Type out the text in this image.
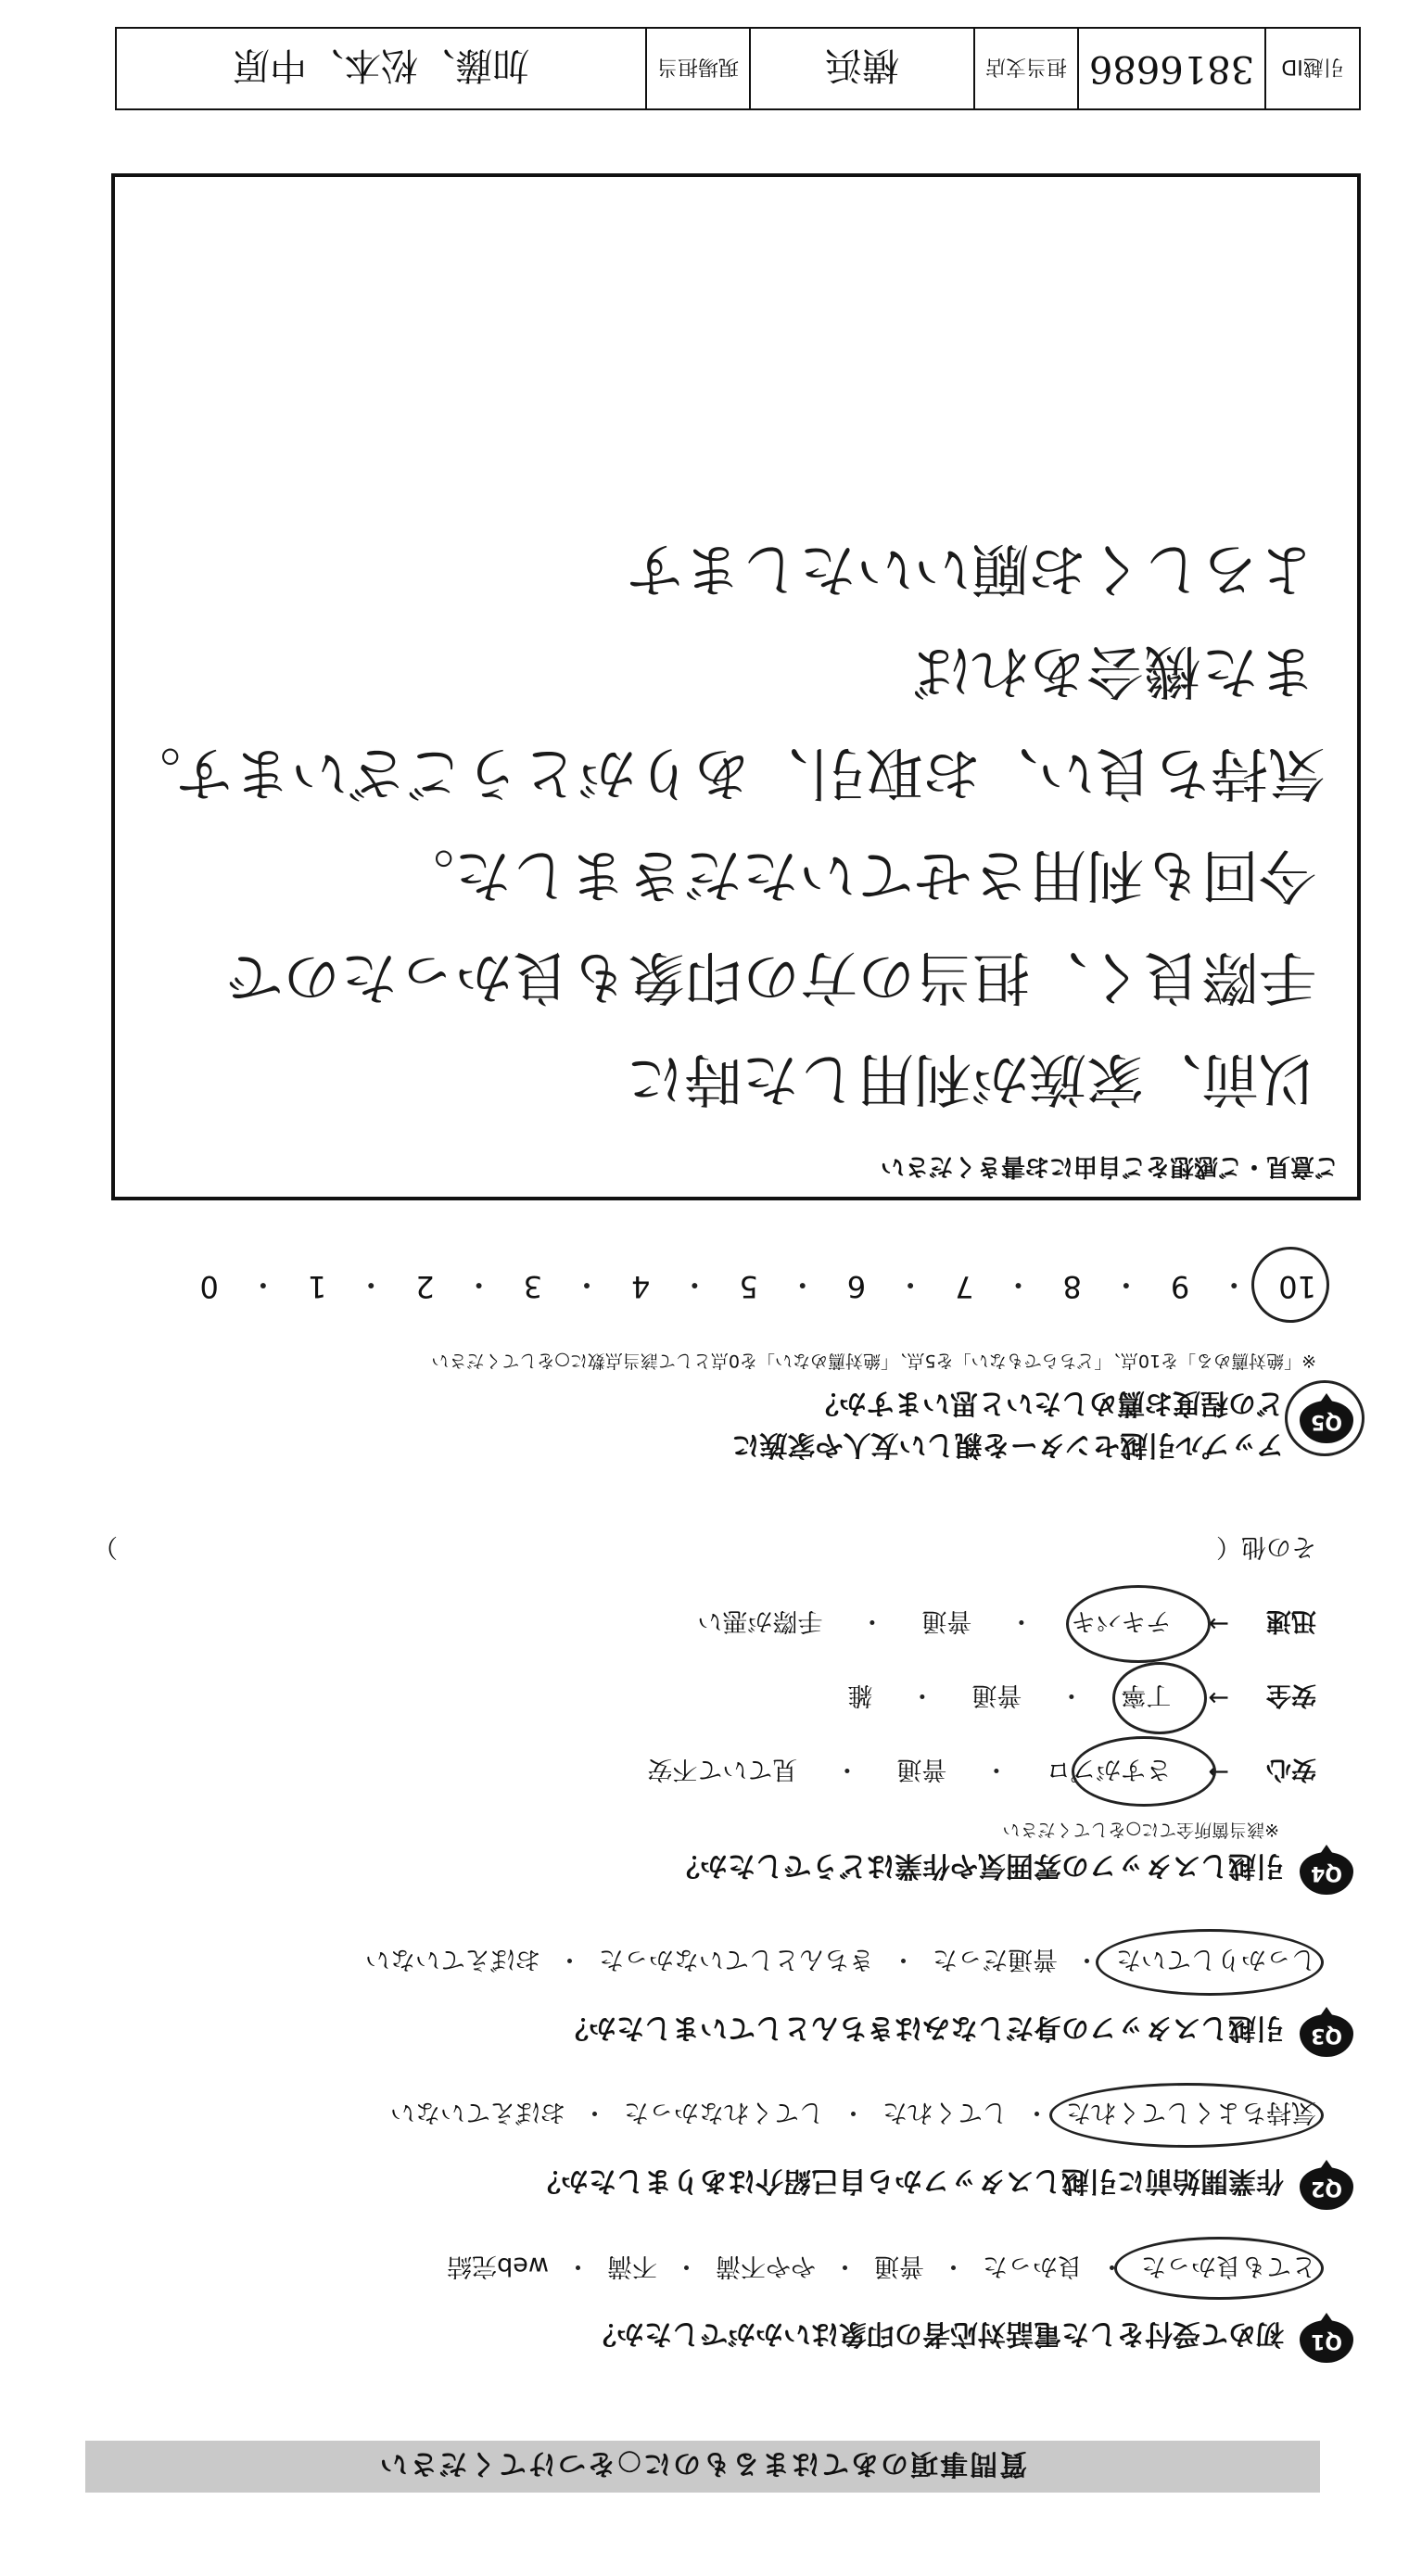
質問事項のあてはまるものに○をつけてください
Q1
初めて受付をした電話対応者の印象はいかがでしたか？
とても良かった
・
良かった
・
普通
・
やや不満
・
不満
・
web完結
Q2
作業開始前に引越しスタッフから自己紹介はありましたか？
気持ちよくしてくれた
・
してくれた
・
してくれなかった
・
おぼえていない
Q3
引越しスタッフの身だしなみはきちんとしていましたか？
しっかりしていた
・
普通だった
・
きちんとしていなかった
・
おぼえていない
Q4
引越しスタッフの雰囲気や作業はどうでしたか？
※該当箇所全てに○をしてください
安心
→
さすがプロ
・
普通
・
見ていて不安
安全
→
丁寧
・
普通
・
雑
迅速
→
テキパキ
・
普通
・
手際が悪い
その他（
）
Q5
アップル引越センターを親しい友人や家族に
どの程度お薦めしたいと思いますか？
※「絶対薦める」を10点、「どちらでもない」を5点、「絶対薦めない」を0点として該当点数に○をしてください
10
・
9
・
8
・
7
・
6
・
5
・
4
・
3
・
2
・
1
・
0
ご意見・ご感想をご自由にお書きください
以前、家族が利用した時に
手際良く、担当の方の印象も良かったので
今回も利用させていただきました。
気持ち良い、お取引、ありがとうございます。
また機会あれば
よろしくお願いいたします
引越ID
3816686
担当支店
横浜
現場担当
加藤、松本、中原
